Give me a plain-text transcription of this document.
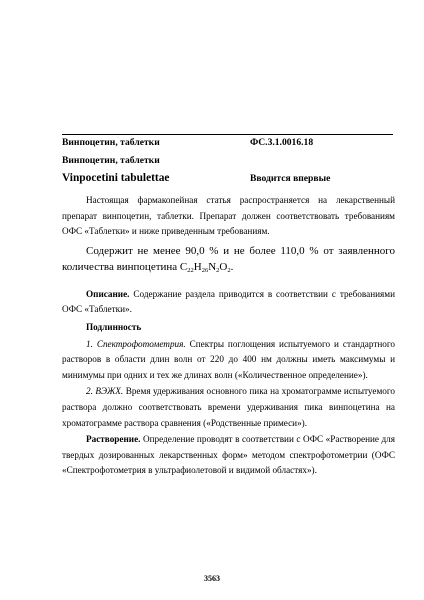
Винпоцетин, таблетки	ФС.3.1.0016.18
Винпоцетин, таблетки
Vinpocetini tabulettae	Вводится впервые

Настоящая фармакопейная статья распространяется на лекарственный препарат винпоцетин, таблетки. Препарат должен соответствовать требованиям ОФС «Таблетки» и ниже приведенным требованиям.

Содержит не менее 90,0 % и не более 110,0 % от заявленного количества винпоцетина $C_{22}H_{26}N_2O_2$.

Описание. Содержание раздела приводится в соответствии с требованиями ОФС «Таблетки».

Подлинность

1. Спектрофотометрия. Спектры поглощения испытуемого и стандартного растворов в области длин волн от 220 до 400 нм должны иметь максимумы и минимумы при одних и тех же длинах волн («Количественное определение»).

2. ВЭЖХ. Время удерживания основного пика на хроматограмме испытуемого раствора должно соответствовать времени удерживания пика винпоцетина на хроматограмме раствора сравнения («Родственные примеси»).

Растворение. Определение проводят в соответствии с ОФС «Растворение для твердых дозированных лекарственных форм» методом спектрофотометрии (ОФС «Спектрофотометрия в ультрафиолетовой и видимой областях»).

3563
